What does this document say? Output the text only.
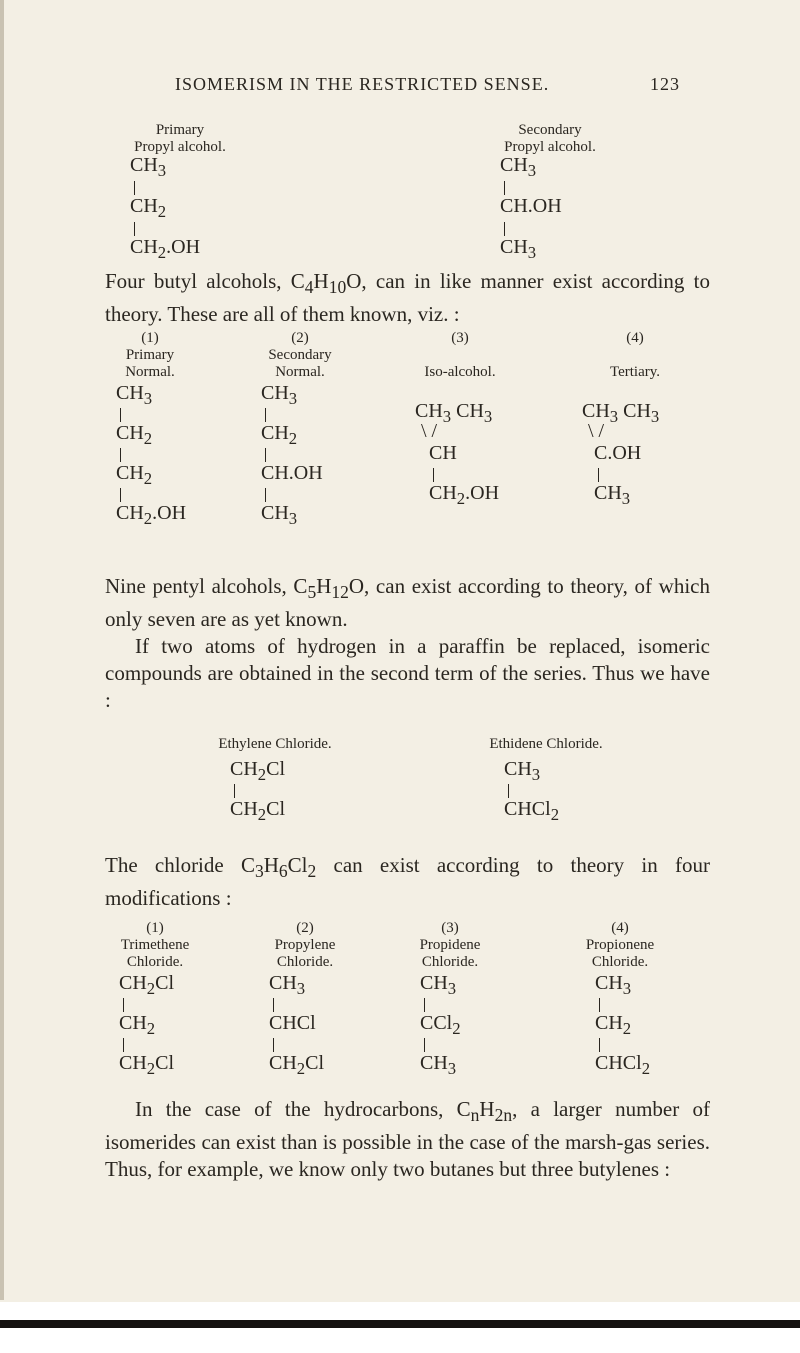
ISOMERISM IN THE RESTRICTED SENSE.	123
Primary
Propyl alcohol.
$CH_3$
$CH_2$
$CH_2.OH$
Secondary
Propyl alcohol.
$CH_3$
CH.OH
$CH_3$

Four butyl alcohols, $C_4H_{10}O$, can in like manner exist according to theory. These are all of them known, viz. :

(1)
Primary
Normal.
$CH_3$
$CH_2$
$CH_2$
$CH_2.OH$
(2)
Secondary
Normal.
$CH_3$
$CH_2$
CH.OH
$CH_3$
(3)
Iso-alcohol.
$CH_3$ $CH_3$
\ /
CH
$CH_2.OH$
(4)
Tertiary.
$CH_3$ $CH_3$
\ /
C.OH
$CH_3$

Nine pentyl alcohols, $C_5H_{12}O$, can exist according to theory, of which only seven are as yet known.

If two atoms of hydrogen in a paraffin be replaced, isomeric compounds are obtained in the second term of the series. Thus we have :

Ethylene Chloride.
$CH_2Cl$
$CH_2Cl$
Ethidene Chloride.
$CH_3$
CHCl$_2$

The chloride $C_3H_6Cl_2$ can exist according to theory in four modifications :

(1)
Trimethene
Chloride.
$CH_2Cl$
$CH_2$
$CH_2Cl$
(2)
Propylene
Chloride.
$CH_3$
CHCl
$CH_2Cl$
(3)
Propidene
Chloride.
$CH_3$
CCl$_2$
$CH_3$
(4)
Propionene
Chloride.
$CH_3$
$CH_2$
CHCl$_2$

In the case of the hydrocarbons, $C_nH_{2n}$, a larger number of isomerides can exist than is possible in the case of the marsh-gas series. Thus, for example, we know only two butanes but three butylenes :
